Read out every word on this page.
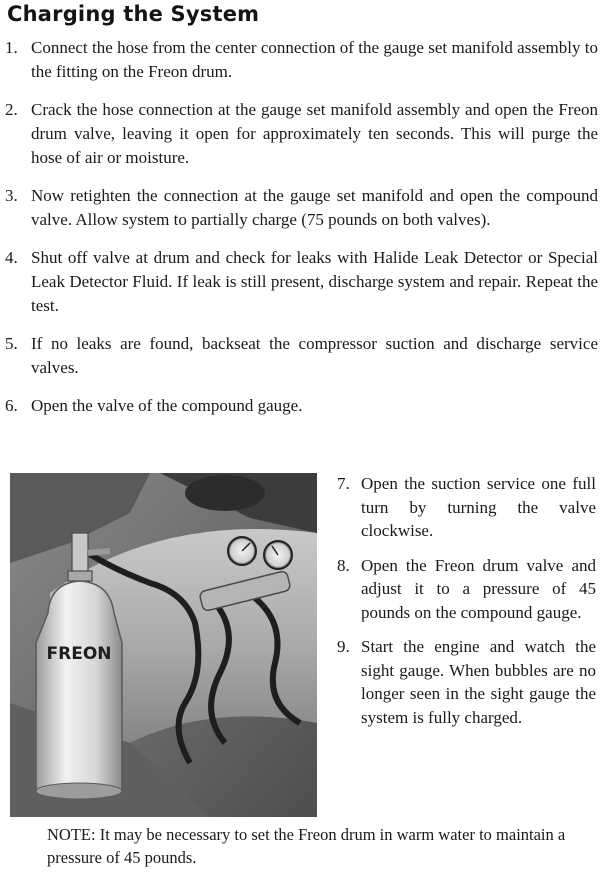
Charging the System
1. Connect the hose from the center connection of the gauge set manifold assembly to the fitting on the Freon drum.
2. Crack the hose connection at the gauge set manifold assembly and open the Freon drum valve, leaving it open for approximately ten seconds. This will purge the hose of air or moisture.
3. Now retighten the connection at the gauge set manifold and open the compound valve. Allow system to partially charge (75 pounds on both valves).
4. Shut off valve at drum and check for leaks with Halide Leak Detector or Special Leak Detector Fluid. If leak is still present, discharge system and repair. Repeat the test.
5. If no leaks are found, backseat the compressor suction and discharge service valves.
6. Open the valve of the compound gauge.
FREON
7. Open the suction service one full turn by turning the valve clockwise.
8. Open the Freon drum valve and adjust it to a pressure of 45 pounds on the compound gauge.
9. Start the engine and watch the sight gauge. When bubbles are no longer seen in the sight gauge the system is fully charged.
NOTE: It may be necessary to set the Freon drum in warm water to maintain a pressure of 45 pounds.
